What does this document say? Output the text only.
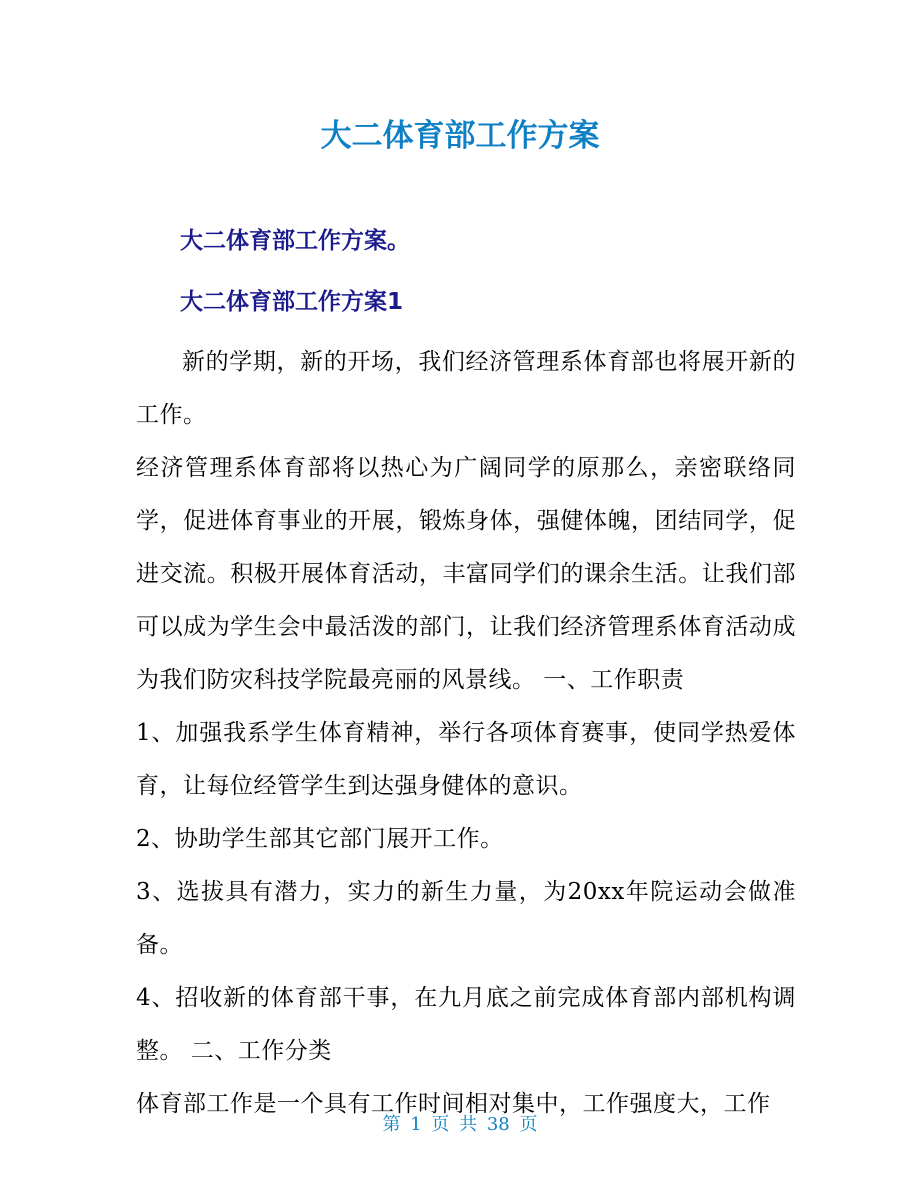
大二体育部工作方案
大二体育部工作方案。
大二体育部工作方案1

新的学期，新的开场，我们经济管理系体育部也将展开新的工作。

经济管理系体育部将以热心为广阔同学的原那么，亲密联络同学，促进体育事业的开展，锻炼身体，强健体魄，团结同学，促进交流。积极开展体育活动，丰富同学们的课余生活。让我们部可以成为学生会中最活泼的部门，让我们经济管理系体育活动成为我们防灾科技学院最亮丽的风景线。 一、工作职责

1、加强我系学生体育精神，举行各项体育赛事，使同学热爱体育，让每位经管学生到达强身健体的意识。

2、协助学生部其它部门展开工作。

3、选拔具有潜力，实力的新生力量，为20xx年院运动会做准备。

4、招收新的体育部干事，在九月底之前完成体育部内部机构调整。 二、工作分类

体育部工作是一个具有工作时间相对集中，工作强度大，工作

第 1 页 共 38 页
